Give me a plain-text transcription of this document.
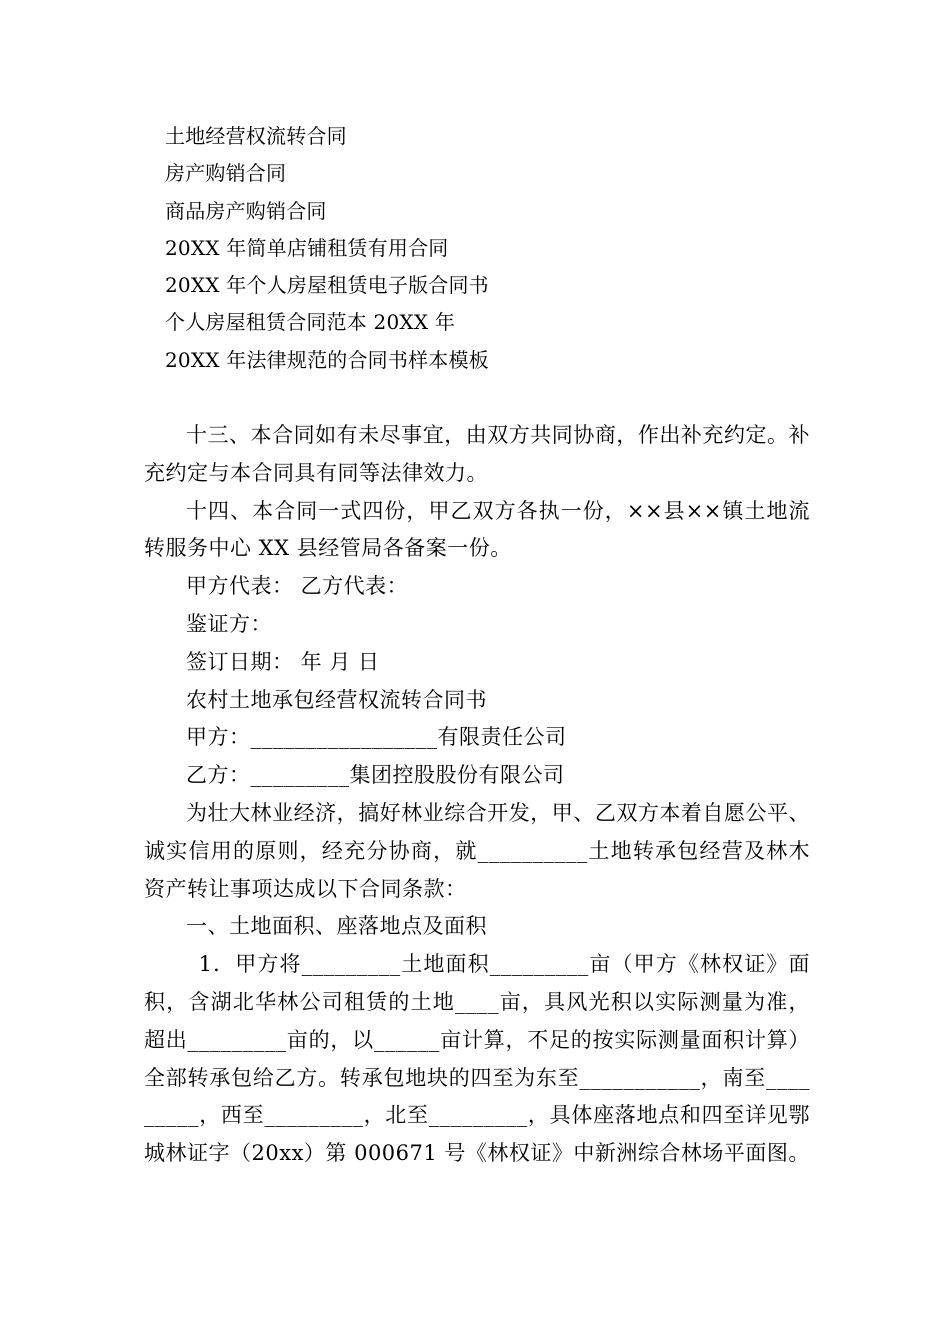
土地经营权流转合同
房产购销合同
商品房产购销合同
20XX 年简单店铺租赁有用合同
20XX 年个人房屋租赁电子版合同书
个人房屋租赁合同范本 20XX 年
20XX 年法律规范的合同书样本模板

十三、本合同如有未尽事宜，由双方共同协商，作出补充约定。补充约定与本合同具有同等法律效力。

十四、本合同一式四份，甲乙双方各执一份，××县××镇土地流转服务中心 XX 县经管局各备案一份。

甲方代表： 乙方代表：

鉴证方：

签订日期： 年 月 日

农村土地承包经营权流转合同书

甲方：_________________有限责任公司

乙方：_________集团控股股份有限公司

为壮大林业经济，搞好林业综合开发，甲、乙双方本着自愿公平、诚实信用的原则，经充分协商，就__________土地转承包经营及林木资产转让事项达成以下合同条款：

一、土地面积、座落地点及面积

1．甲方将_________土地面积_________亩（甲方《林权证》面积，含湖北华林公司租赁的土地____亩，具风光积以实际测量为准，超出_________亩的，以______亩计算，不足的按实际测量面积计算）全部转承包给乙方。转承包地块的四至为东至___________，南至_________，西至_________，北至_________，具体座落地点和四至详见鄂城林证字（20xx）第 000671 号《林权证》中新洲综合林场平面图。
